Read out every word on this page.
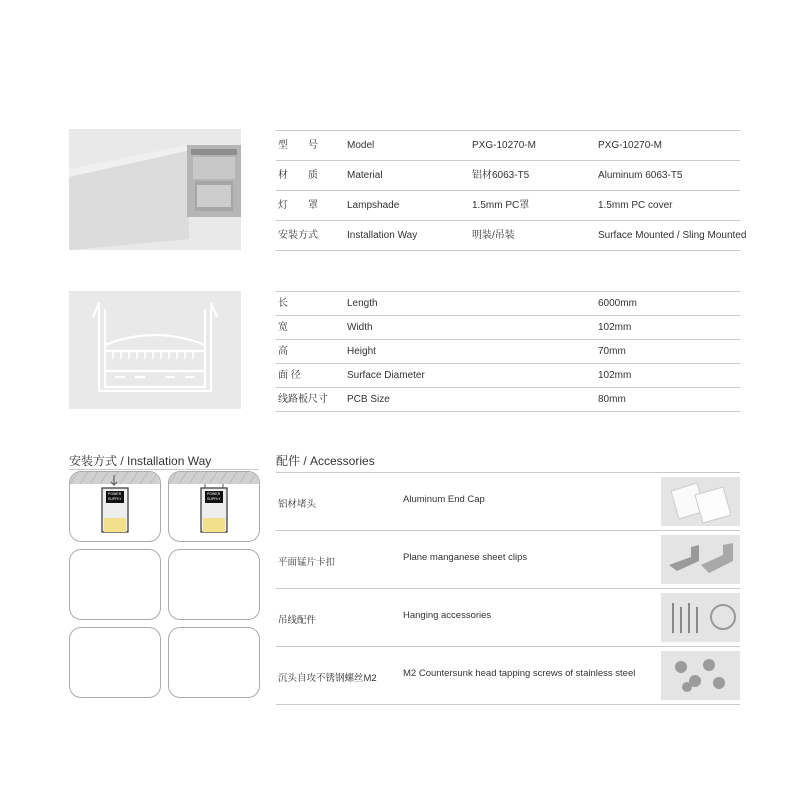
型　　号	Model	PXG-10270-M	PXG-10270-M
材　　质	Material	铝材6063-T5	Aluminum 6063-T5
灯　　罩	Lampshade	1.5mm PC罩	1.5mm PC cover
安装方式	Installation Way	明装/吊装	Surface Mounted / Sling Mounted
长	Length	6000mm
宽	Width	102mm
高	Height	70mm
面 径	Surface Diameter	102mm
线路板尺寸 PCB Size	80mm
安装方式 / Installation Way
POWER
SUPPLY
POWER
SUPPLY
配件 / Accessories
铝材堵头	Aluminum End Cap
平面锰片卡扣	Plane manganese sheet clips
吊线配件	Hanging accessories
沉头自攻不锈钢螺丝M2	M2 Countersunk head tapping screws of stainless steel
